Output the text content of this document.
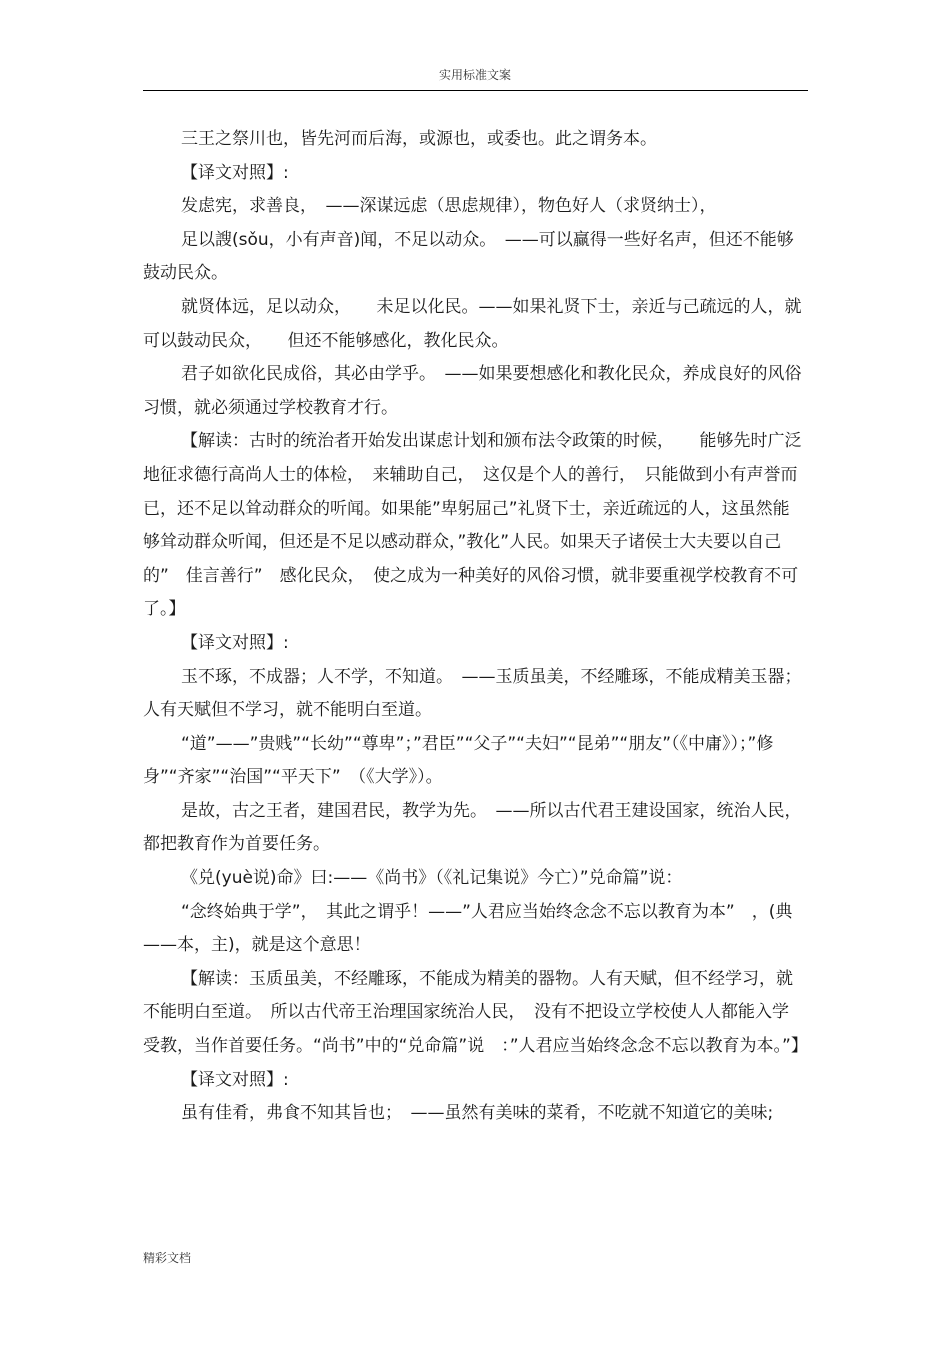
实用标准文案

三王之祭川也，皆先河而后海，或源也，或委也。此之谓务本。

【译文对照】:

发虑宪，求善良，　——深谋远虑（思虑规律），物色好人（求贤纳士），

足以謏(sǒu，小有声音)闻，不足以动众。　——可以赢得一些好名声，但还不能够鼓动民众。

就贤体远，足以动众，　　未足以化民。——如果礼贤下士，亲近与己疏远的人，就可以鼓动民众，　　但还不能够感化，教化民众。

君子如欲化民成俗，其必由学乎。　——如果要想感化和教化民众，养成良好的风俗习惯，就必须通过学校教育才行。

【解读：古时的统治者开始发出谋虑计划和颁布法令政策的时候，　　能够先时广泛地征求德行高尚人士的体检，　来辅助自己，　这仅是个人的善行，　只能做到小有声誉而已，还不足以耸动群众的听闻。如果能”卑躬屈己”礼贤下士，亲近疏远的人，这虽然能够耸动群众听闻，但还是不足以感动群众，”教化”人民。如果天子诸侯士大夫要以自己的”　佳言善行”　感化民众，　使之成为一种美好的风俗习惯，就非要重视学校教育不可了。】

【译文对照】:

玉不琢，不成器；人不学，不知道。　——玉质虽美，不经雕琢，不能成精美玉器；人有天赋但不学习，就不能明白至道。

“道”——”贵贱”“长幼”“尊卑”；”君臣”“父子”“夫妇”“昆弟”“朋友”（《中庸》）；”修身”“齐家”“治国”“平天下”　（《大学》）。

是故，古之王者，建国君民，教学为先。　——所以古代君王建设国家，统治人民，都把教育作为首要任务。

《兑(yuè说)命》曰:——《尚书》（《礼记集说》今亡）”兑命篇”说：

“念终始典于学”，　其此之谓乎！——”人君应当始终念念不忘以教育为本”　，(典——本，主)，就是这个意思！

【解读：玉质虽美，不经雕琢，不能成为精美的器物。人有天赋，但不经学习，就不能明白至道。　所以古代帝王治理国家统治人民，　没有不把设立学校使人人都能入学受教，当作首要任务。“尚书”中的“兑命篇”说　：”人君应当始终念念不忘以教育为本。”】

【译文对照】:

虽有佳肴，弗食不知其旨也；　——虽然有美味的菜肴，不吃就不知道它的美味;

精彩文档
